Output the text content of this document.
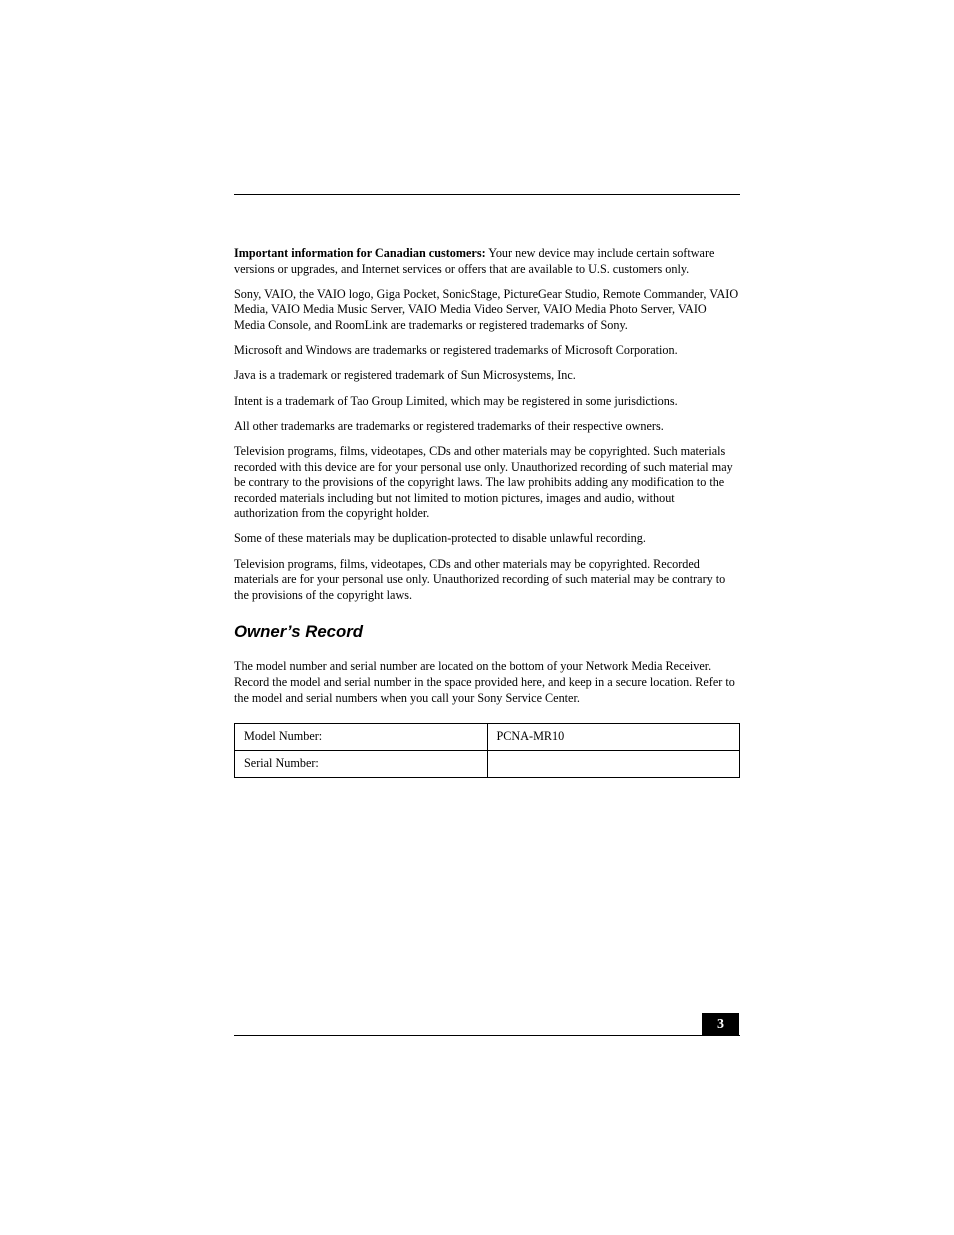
Important information for Canadian customers: Your new device may include certain software versions or upgrades, and Internet services or offers that are available to U.S. customers only.

Sony, VAIO, the VAIO logo, Giga Pocket, SonicStage, PictureGear Studio, Remote Commander, VAIO Media, VAIO Media Music Server, VAIO Media Video Server, VAIO Media Photo Server, VAIO Media Console, and RoomLink are trademarks or registered trademarks of Sony.

Microsoft and Windows are trademarks or registered trademarks of Microsoft Corporation.

Java is a trademark or registered trademark of Sun Microsystems, Inc.

Intent is a trademark of Tao Group Limited, which may be registered in some jurisdictions.

All other trademarks are trademarks or registered trademarks of their respective owners.

Television programs, films, videotapes, CDs and other materials may be copyrighted. Such materials recorded with this device are for your personal use only. Unauthorized recording of such material may be contrary to the provisions of the copyright laws. The law prohibits adding any modification to the recorded materials including but not limited to motion pictures, images and audio, without authorization from the copyright holder.

Some of these materials may be duplication-protected to disable unlawful recording.

Television programs, films, videotapes, CDs and other materials may be copyrighted. Recorded materials are for your personal use only. Unauthorized recording of such material may be contrary to the provisions of the copyright laws.

Owner’s Record

The model number and serial number are located on the bottom of your Network Media Receiver. Record the model and serial number in the space provided here, and keep in a secure location. Refer to the model and serial numbers when you call your Sony Service Center.

Model Number:	PCNA-MR10
Serial Number:	
3
